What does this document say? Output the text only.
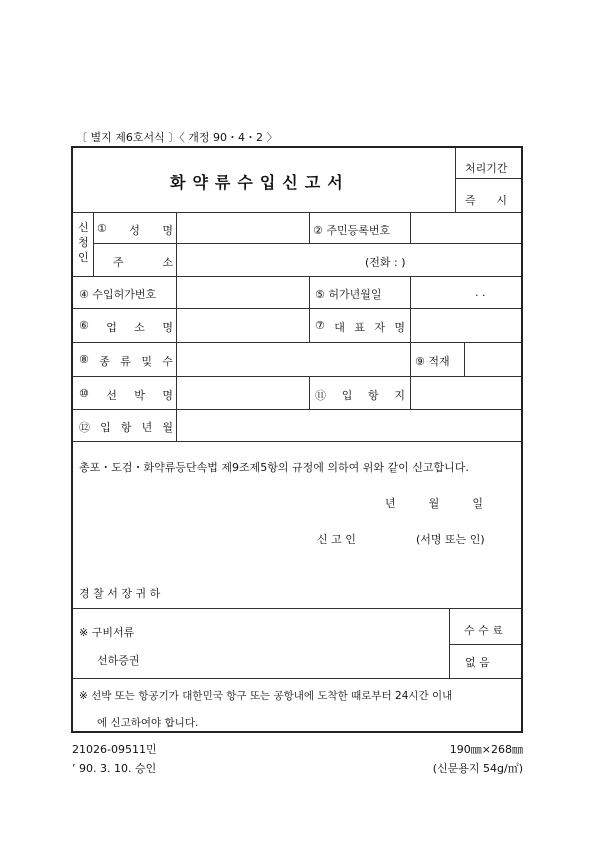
〔 별지 제6호서식 〕〈 개정 90・4・2 〉
화약류수입신고서
처리기간
즉 시
신
청
인
① 성 명	② 주민등록번호
주	소	(전화 : )
④ 수입허가번호	⑤ 허가년월일	. .
⑥ 업 소 명	⑦ 대 표 자 명
⑧ 종 류 및 수	⑨ 적재
⑩ 선 박 명	⑪ 입 항 지
⑫ 입 항 년 월
총포・도검・화약류등단속법 제9조제5항의 규정에 의하여 위와 같이 신고합니다.
년	월	일
신 고 인	(서명 또는 인)
경 찰 서 장 귀 하
※ 구비서류
선하증권
수 수 료
없 음
※ 선박 또는 항공기가 대한민국 항구 또는 공항내에 도착한 때로부터 24시간 이내
에 신고하여야 합니다.
21026-09511민
’ 90. 3. 10. 승인
190㎜×268㎜
(신문용지 54g/㎡)
